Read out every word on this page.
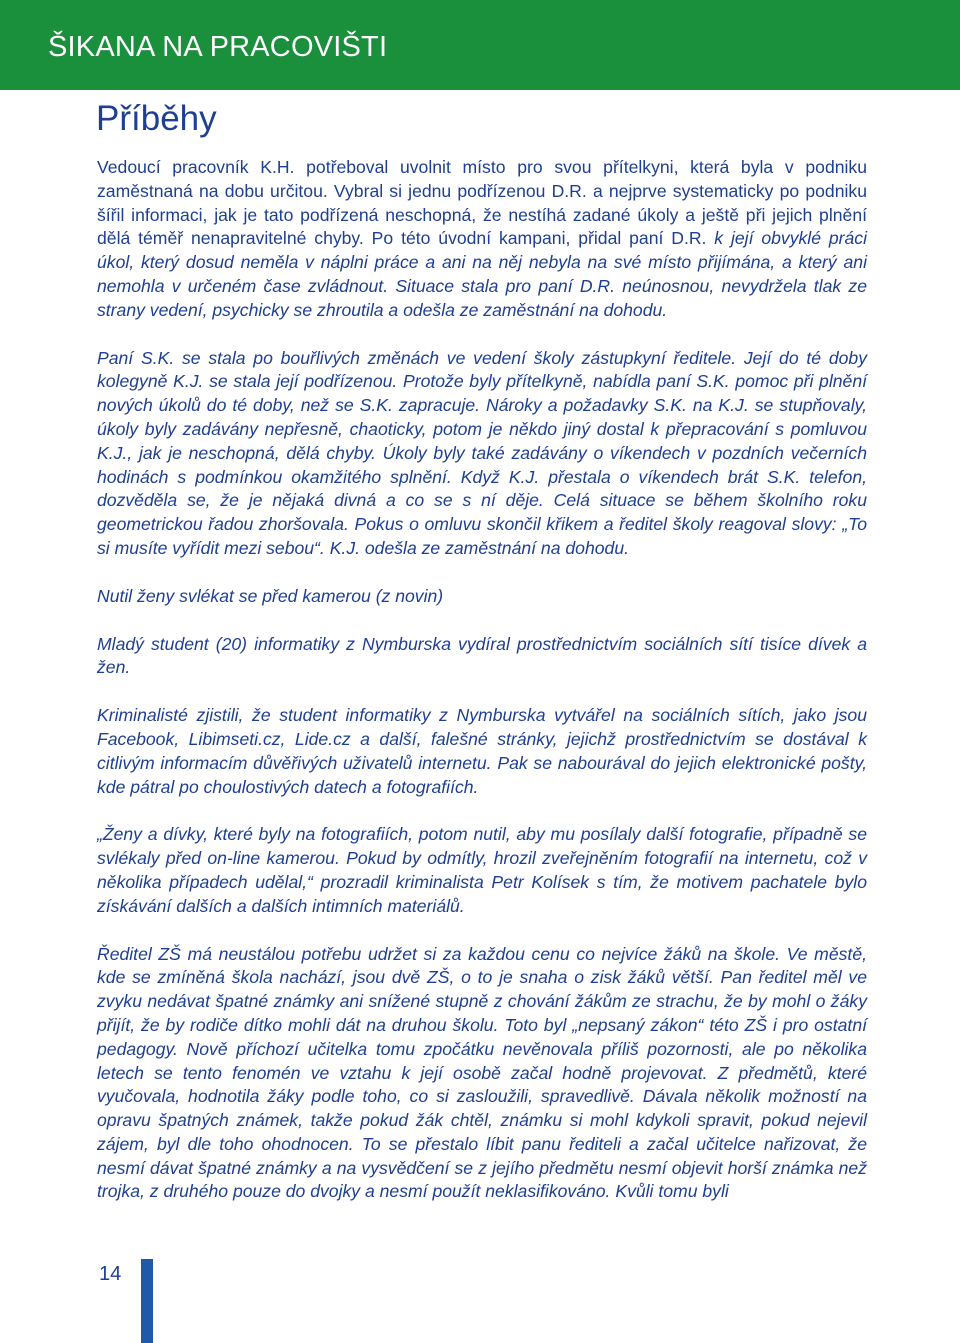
ŠIKANA NA PRACOVIŠTI
Příběhy

Vedoucí pracovník K.H. potřeboval uvolnit místo pro svou přítelkyni, která byla v podniku zaměstnaná na dobu určitou. Vybral si jednu podřízenou D.R. a nejprve systematicky po podniku šířil informaci, jak je tato podřízená neschopná, že nestíhá zadané úkoly a ještě při jejich plnění dělá téměř nenapravitelné chyby. Po této úvodní kampani, přidal paní D.R. k její obvyklé práci úkol, který dosud neměla v náplni práce a ani na něj nebyla na své místo přijímána, a který ani nemohla v určeném čase zvládnout. Situace stala pro paní D.R. neúnosnou, nevydržela tlak ze strany vedení, psychicky se zhroutila a odešla ze zaměstnání na dohodu.

Paní S.K. se stala po bouřlivých změnách ve vedení školy zástupkyní ředitele. Její do té doby kolegyně K.J. se stala její podřízenou. Protože byly přítelkyně, nabídla paní S.K. pomoc při plnění nových úkolů do té doby, než se S.K. zapracuje. Nároky a požadavky S.K. na K.J. se stupňovaly, úkoly byly zadávány nepřesně, chaoticky, potom je někdo jiný dostal k přepracování s pomluvou K.J., jak je neschopná, dělá chyby. Úkoly byly také zadávány o víkendech v pozdních večerních hodinách s podmínkou okamžitého splnění. Když K.J. přestala o víkendech brát S.K. telefon, dozvěděla se, že je nějaká divná a co se s ní děje. Celá situace se během školního roku geometrickou řadou zhoršovala. Pokus o omluvu skončil křikem a ředitel školy reagoval slovy: „To si musíte vyřídit mezi sebou“. K.J. odešla ze zaměstnání na dohodu.

Nutil ženy svlékat se před kamerou (z novin)

Mladý student (20) informatiky z Nymburska vydíral prostřednictvím sociálních sítí tisíce dívek a žen.

Kriminalisté zjistili, že student informatiky z Nymburska vytvářel na sociálních sítích, jako jsou Facebook, Libimseti.cz, Lide.cz a další, falešné stránky, jejichž prostřednictvím se dostával k citlivým informacím důvěřivých uživatelů internetu. Pak se nabourával do jejich elektronické pošty, kde pátral po choulostivých datech a fotografiích.

„Ženy a dívky, které byly na fotografiích, potom nutil, aby mu posílaly další fotografie, případně se svlékaly před on-line kamerou. Pokud by odmítly, hrozil zveřejněním fotografií na internetu, což v několika případech udělal,“ prozradil kriminalista Petr Kolísek s tím, že motivem pachatele bylo získávání dalších a dalších intimních materiálů.

Ředitel ZŠ má neustálou potřebu udržet si za každou cenu co nejvíce žáků na škole. Ve městě, kde se zmíněná škola nachází, jsou dvě ZŠ, o to je snaha o zisk žáků větší. Pan ředitel měl ve zvyku nedávat špatné známky ani snížené stupně z chování žákům ze strachu, že by mohl o žáky přijít, že by rodiče dítko mohli dát na druhou školu. Toto byl „nepsaný zákon“ této ZŠ i pro ostatní pedagogy. Nově příchozí učitelka tomu zpočátku nevěnovala příliš pozornosti, ale po několika letech se tento fenomén ve vztahu k její osobě začal hodně projevovat. Z předmětů, které vyučovala, hodnotila žáky podle toho, co si zasloužili, spravedlivě. Dávala několik možností na opravu špatných známek, takže pokud žák chtěl, známku si mohl kdykoli spravit, pokud nejevil zájem, byl dle toho ohodnocen. To se přestalo líbit panu řediteli a začal učitelce nařizovat, že nesmí dávat špatné známky a na vysvědčení se z jejího předmětu nesmí objevit horší známka než trojka, z druhého pouze do dvojky a nesmí použít neklasifikováno. Kvůli tomu byli

14
